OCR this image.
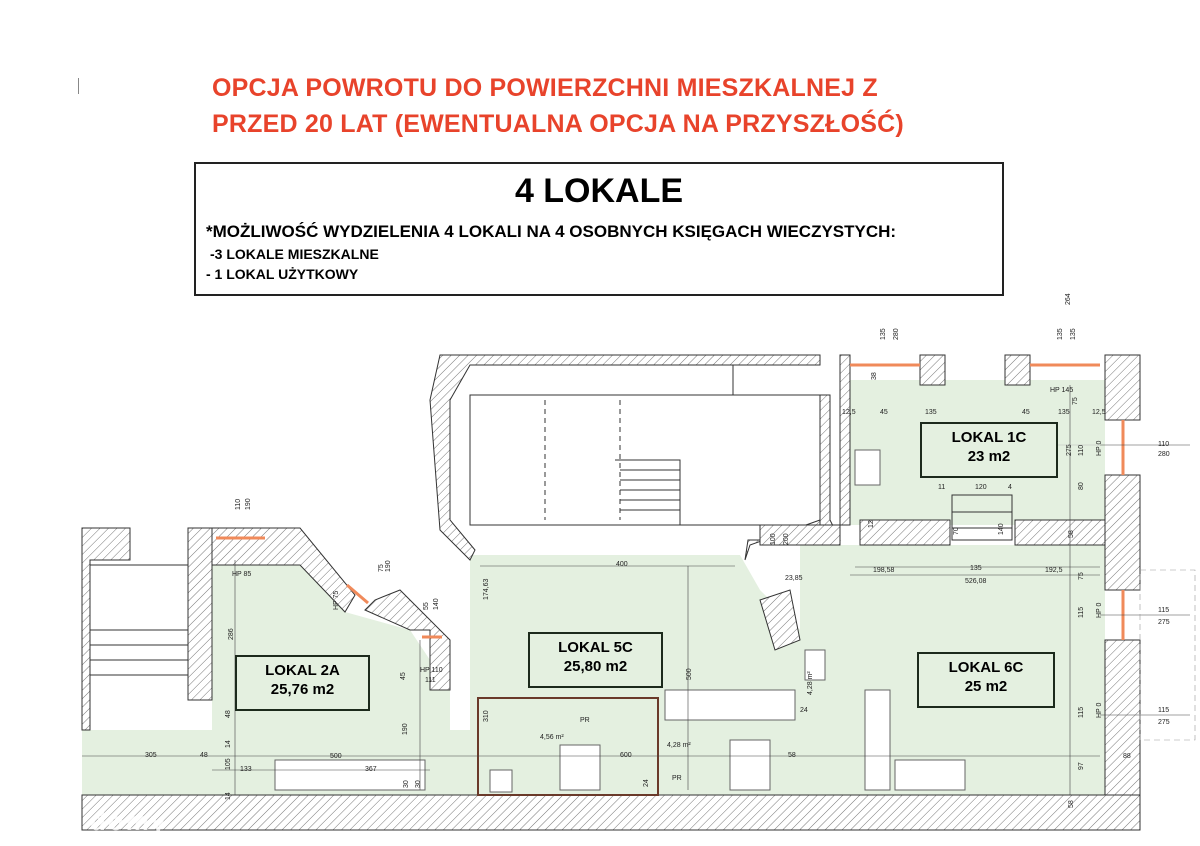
OPCJA POWROTU DO POWIERZCHNI MIESZKALNEJ Z
PRZED 20 LAT (EWENTUALNA OPCJA NA PRZYSZŁOŚĆ)
4 LOKALE
*MOŻLIWOŚĆ WYDZIELENIA 4 LOKALI NA 4 OSOBNYCH KSIĘGACH WIECZYSTYCH:
-3 LOKALE MIESZKALNE
- 1 LOKAL UŻYTKOWY
135 280	135 135
264
38
HP 145
75
12,5	45	135	45	135	12,5
110
275	HP 0	110
280
11	120	4	80
12
70	140	58
100 200
23,85
198,58	135	192,5
526,08
75
115 HP 0	115
275
400
500
115 HP 0	115
275
97
58
88
110 190
HP 85
75 190
HP 75	55 140
HP 110
111
174,63
286
45
48
14
105 133
500
367
190
30 30
48
305
14
310
4,56 m²
600
4,28 m²
24
58
24
4,28 m²
PR
PR
LOKAL 1C
23 m2
LOKAL 2A
25,76 m2
LOKAL 5C
25,80 m2	LOKAL 6C
25 m2
domy
